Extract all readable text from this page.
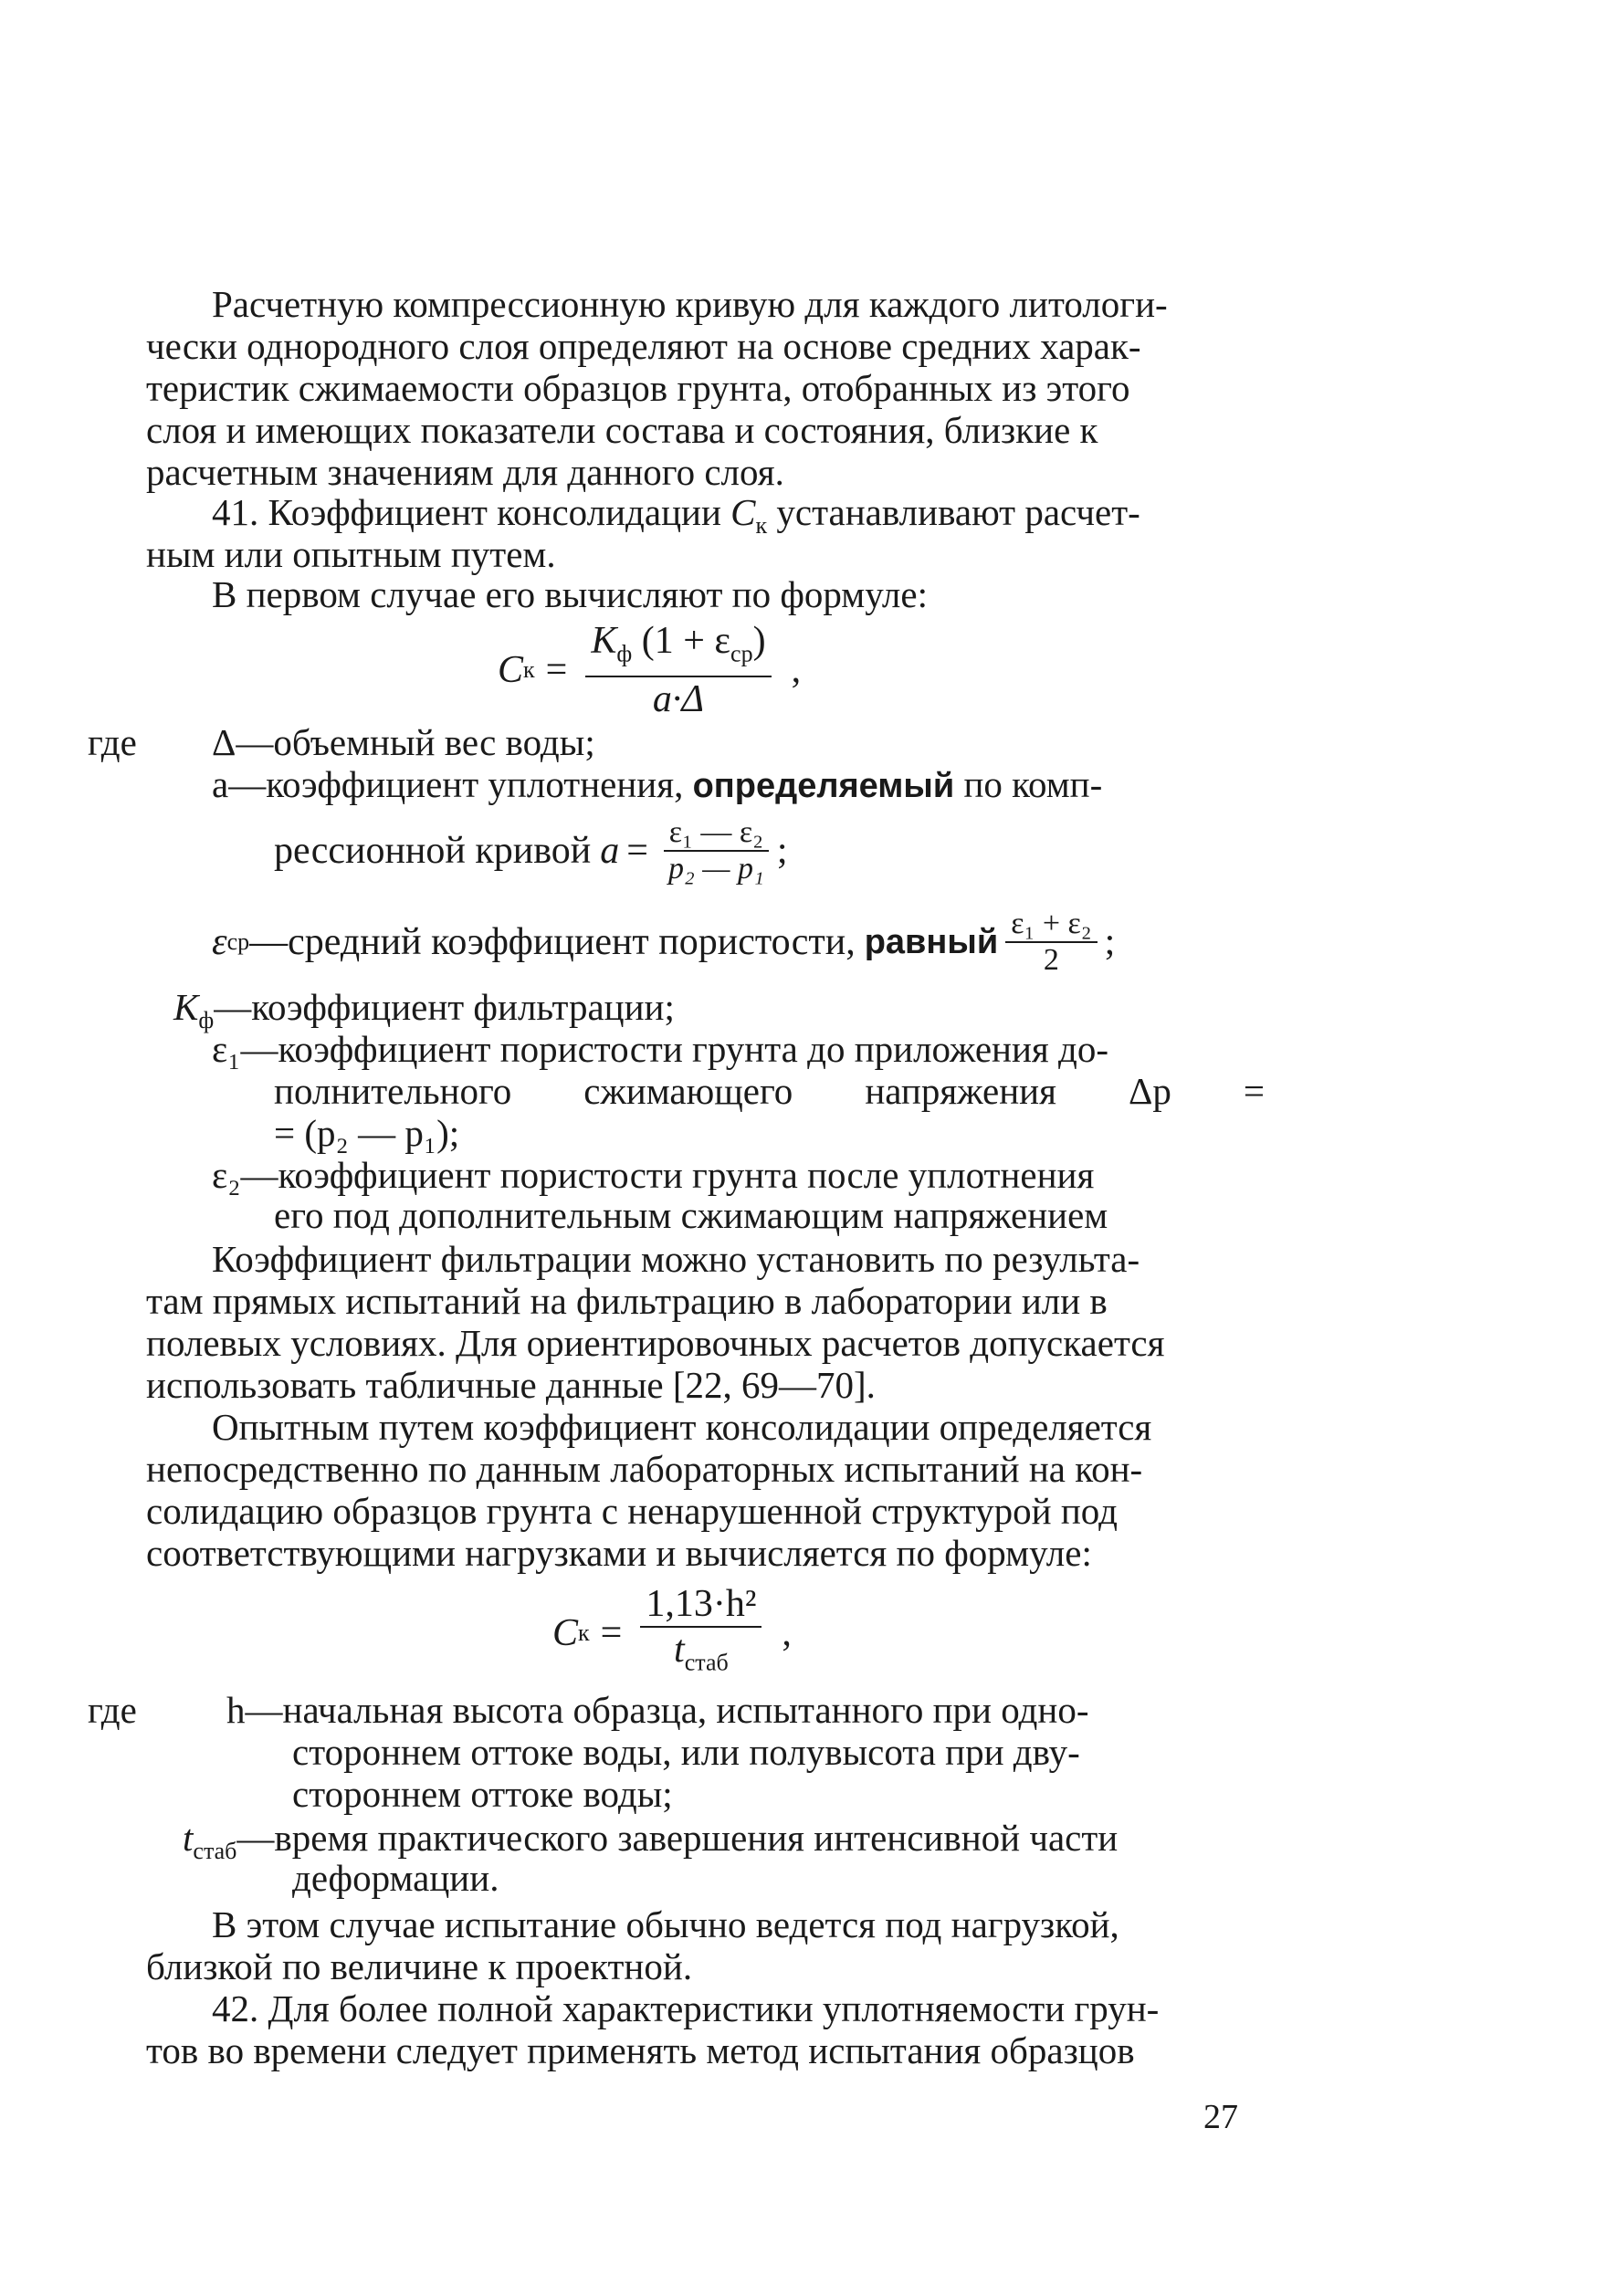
Расчетную компрессионную кривую для каждого литологи-
чески однородного слоя определяют на основе средних харак-
теристик сжимаемости образцов грунта, отобранных из этого
слоя и имеющих показатели состава и состояния, близкие к
расчетным значениям для данного слоя.
41. Коэффициент консолидации $C_к$ устанавливают расчет-
ным или опытным путем.
В первом случае его вычисляют по формуле:
C $к = \frac{K_ф (1 + \varepsilon_{ср})}{a\cdot\Delta}$ ,
где Δ—объемный вес воды;
a—коэффициент уплотнения, определяемый по комп-
рессионной кривой $a = \frac{\text{ε₁ — ε₂}}{\text{p₂ — p₁}}$ ;
ε ср —средний коэффициент пористости, равный $\frac{\text{ε₁ + ε₂}}{2}$ ;
$K_ф—коэффициент$ фильтрации;
ε₁—коэффициент пористости грунта до приложения до-
полнительного сжимающего напряжения Δp =
= (p₂ — p₁);
ε₂—коэффициент пористости грунта после уплотнения
его под дополнительным сжимающим напряжением
Коэффициент фильтрации можно установить по результа-
там прямых испытаний на фильтрацию в лаборатории или в
полевых условиях. Для ориентировочных расчетов допускается
использовать табличные данные [22, 69—70].
Опытным путем коэффициент консолидации определяется
непосредственно по данным лабораторных испытаний на кон-
солидацию образцов грунта с ненарушенной структурой под
соответствующими нагрузками и вычисляется по формуле:
C $к = \frac{\text{1,13·h²}}{t_{стаб}}$ ,
где h—начальная высота образца, испытанного при одно-
стороннем оттоке воды, или полувысота при дву-
стороннем оттоке воды;
$t_{стаб}—время$ практического завершения интенсивной части
деформации.
В этом случае испытание обычно ведется под нагрузкой,
близкой по величине к проектной.
42. Для более полной характеристики уплотняемости грун-
тов во времени следует применять метод испытания образцов
27
